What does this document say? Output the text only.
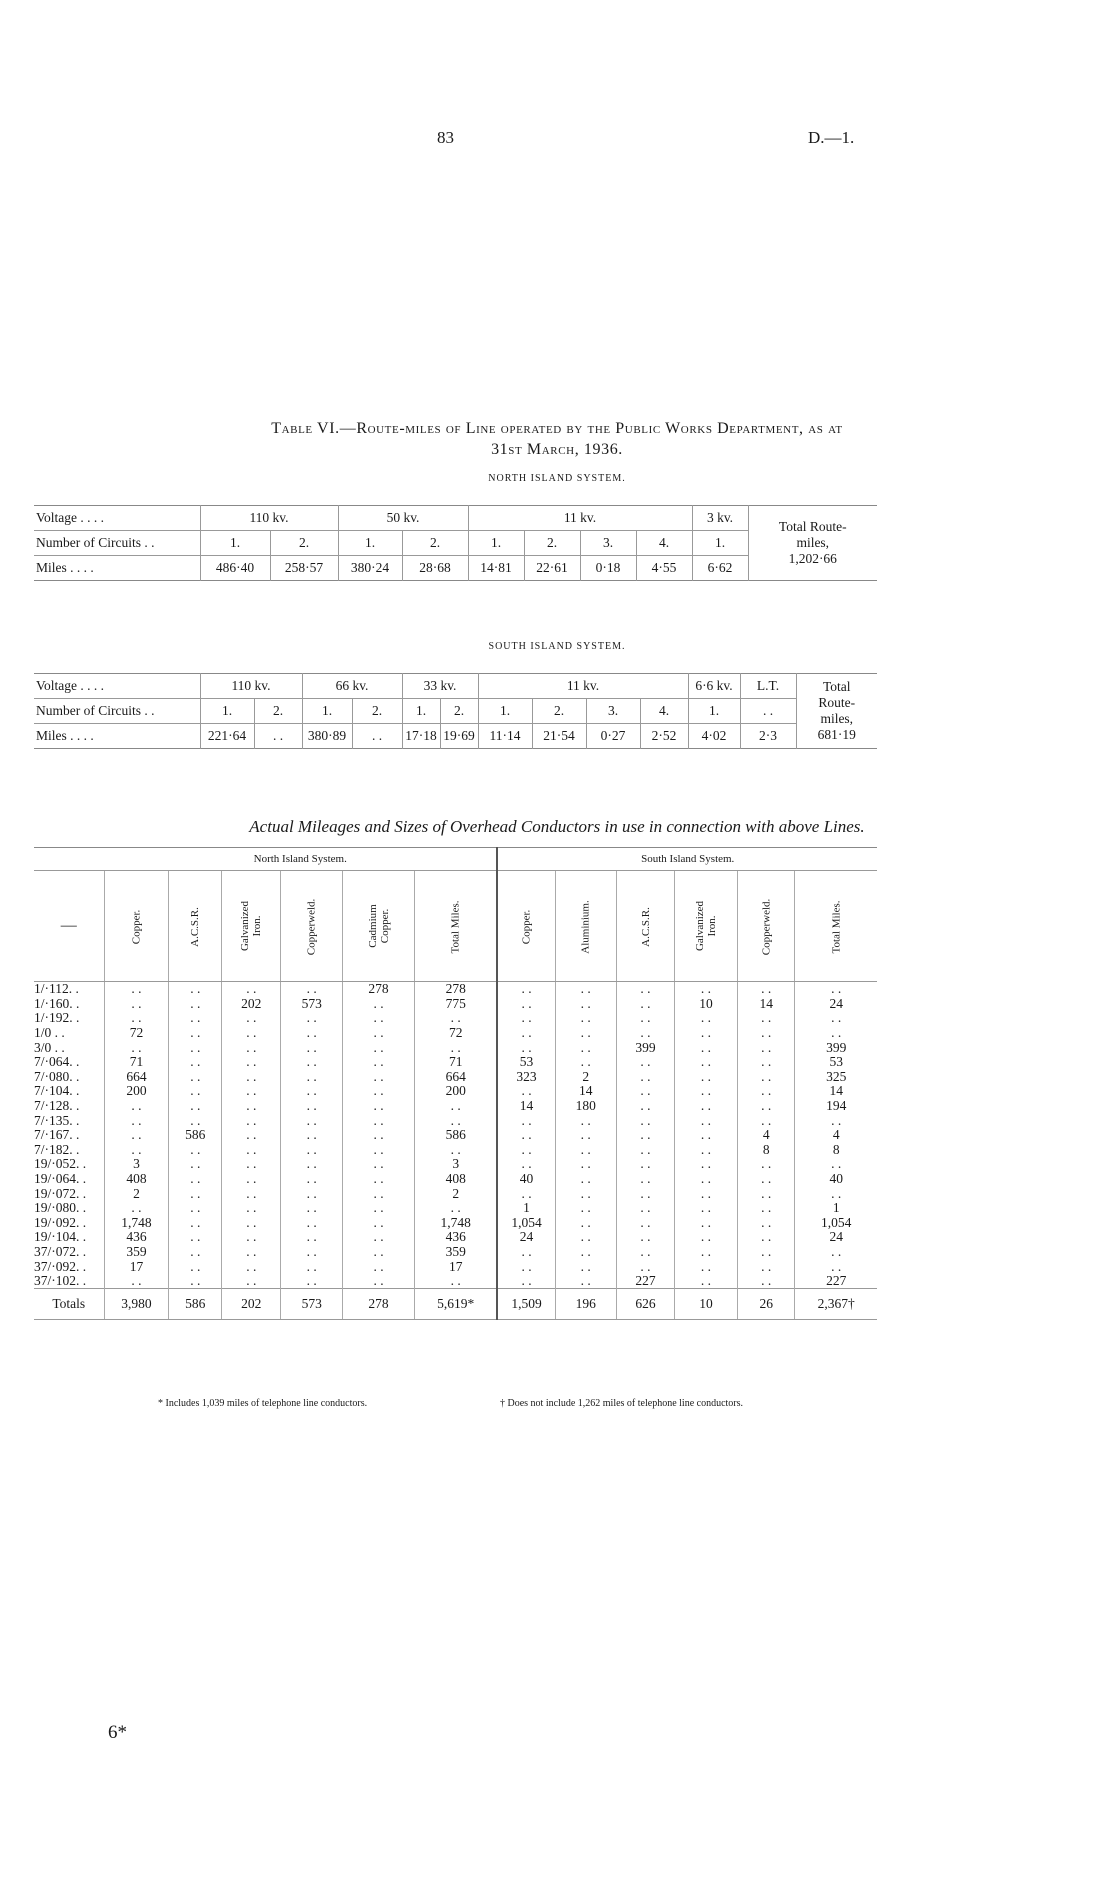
83	D.—1.
Table VI.—Route-miles of Line operated by the Public Works Department, as at
31st March, 1936.
NORTH ISLAND SYSTEM.
Voltage . . . .	110 kv.		50 kv.		11 kv.				3 kv.	Total Route-miles,
1,202·66

Number of Circuits . .	1.	2.	1.	2.	1.	2.	3.	4.	1.	
Miles . . . .	486·40	258·57	380·24	28·68	14·81	22·61	0·18	4·55	6·62	
SOUTH ISLAND SYSTEM.
Voltage . . . .	110 kv.		66 kv.		33 kv.		11 kv.				6·6 kv.	L.T.	Total Route-miles,
681·19

Number of Circuits . .	1.	2.	1.	2.	1.	2.	1.	2.	3.	4.	1.	. .	
Miles . . . .	221·64	. .	380·89	. .	17·18	19·69	11·14	21·54	0·27	2·52	4·02	2·3	
Actual Mileages and Sizes of Overhead Conductors in use in connection with above Lines.
	North Island System.						South Island System.					
—	Copper.	A.C.S.R.	Galvanized Iron.	Copperweld.	Cadmium Copper.	Total Miles.	Copper.	Aluminium.	A.C.S.R.	Galvanized Iron.	Copperweld.	Total Miles.
1/·112. .	. .	. .	. .	. .	278	278	. .	. .	. .	. .	. .	. .
1/·160. .	. .	. .	202	573	. .	775	. .	. .	. .	10	14	24
1/·192. .	. .	. .	. .	. .	. .	. .	. .	. .	. .	. .	. .	. .
1/0 . .	72	. .	. .	. .	. .	72	. .	. .	. .	. .	. .	. .
3/0 . .	. .	. .	. .	. .	. .	. .	. .	. .	399	. .	. .	399
7/·064. .	71	. .	. .	. .	. .	71	53	. .	. .	. .	. .	53
7/·080. .	664	. .	. .	. .	. .	664	323	2	. .	. .	. .	325
7/·104. .	200	. .	. .	. .	. .	200	. .	14	. .	. .	. .	14
7/·128. .	. .	. .	. .	. .	. .	. .	14	180	. .	. .	. .	194
7/·135. .	. .	. .	. .	. .	. .	. .	. .	. .	. .	. .	. .	. .
7/·167. .	. .	586	. .	. .	. .	586	. .	. .	. .	. .	4	4
7/·182. .	. .	. .	. .	. .	. .	. .	. .	. .	. .	. .	8	8
19/·052. .	3	. .	. .	. .	. .	3	. .	. .	. .	. .	. .	. .
19/·064. .	408	. .	. .	. .	. .	408	40	. .	. .	. .	. .	40
19/·072. .	2	. .	. .	. .	. .	2	. .	. .	. .	. .	. .	. .
19/·080. .	. .	. .	. .	. .	. .	. .	1	. .	. .	. .	. .	1
19/·092. .	1,748	. .	. .	. .	. .	1,748	1,054	. .	. .	. .	. .	1,054
19/·104. .	436	. .	. .	. .	. .	436	24	. .	. .	. .	. .	24
37/·072. .	359	. .	. .	. .	. .	359	. .	. .	. .	. .	. .	. .
37/·092. .	17	. .	. .	. .	. .	17	. .	. .	. .	. .	. .	. .
37/·102. .	. .	. .	. .	. .	. .	. .	. .	. .	227	. .	. .	227
Totals	3,980	586	202	573	278	5,619*	1,509	196	626	10	26	2,367†
* Includes 1,039 miles of telephone line conductors.	† Does not include 1,262 miles of telephone line conductors.
6*
